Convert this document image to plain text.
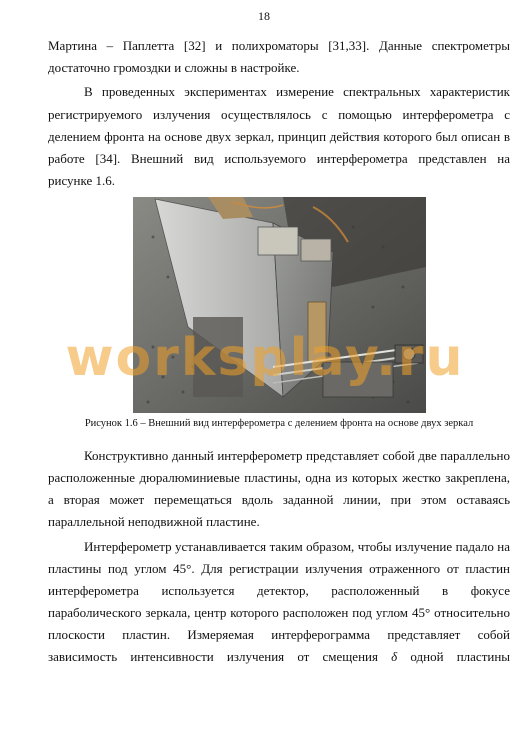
18
Мартина – Паплетта [32] и полихроматоры [31,33]. Данные спектрометры
достаточно громоздки и сложны в настройке.
В проведенных экспериментах измерение спектральных характеристик
регистрируемого излучения осуществлялось с помощью интерферометра с
делением фронта на основе двух зеркал, принцип действия которого был описан в
работе [34]. Внешний вид используемого интерферометра представлен на
рисунке 1.6.
worksplay.ru
Рисунок 1.6 – Внешний вид интерферометра с делением фронта на основе двух зеркал
Конструктивно данный интерферометр представляет собой две параллельно
расположенные дюралюминиевые пластины, одна из которых жестко закреплена,
а вторая может перемещаться вдоль заданной линии, при этом оставаясь
параллельной неподвижной пластине.
Интерферометр устанавливается таким образом, чтобы излучение падало на
пластины под углом 45°. Для регистрации излучения отраженного от пластин
интерферометра используется детектор, расположенный в фокусе
параболического зеркала, центр которого расположен под углом 45° относительно
плоскости пластин. Измеряемая интерферограмма представляет собой
зависимость интенсивности излучения от смещения δ одной пластины
